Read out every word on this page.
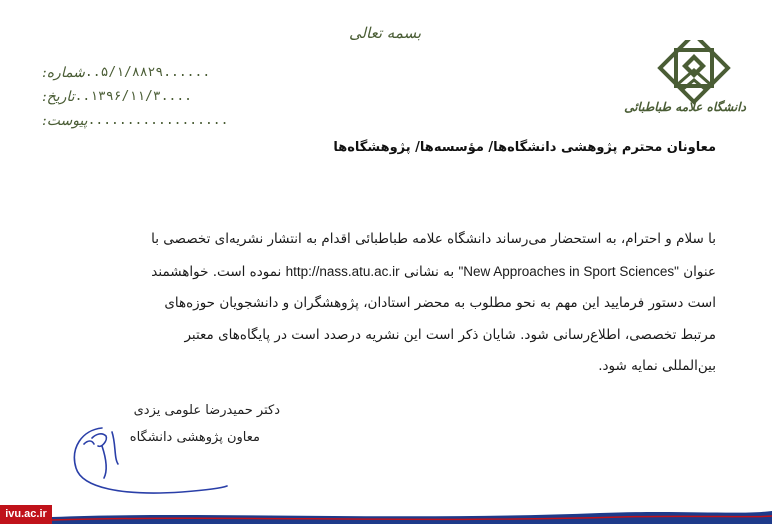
بسمه تعالی
دانشگاه علامه طباطبائی
شماره: ......۵/۱/۸۸۲۹..
تاریخ: ....۱۳۹۶/۱۱/۳..
پیوست: ..................
معاونان محترم پژوهشی دانشگاه‌ها/ مؤسسه‌ها/ پژوهشگاه‌ها
با سلام و احترام، به استحضار می‌رساند دانشگاه علامه طباطبائی اقدام به انتشار نشریه‌ای تخصصی با
عنوان "New Approaches in Sport Sciences" به نشانی http://nass.atu.ac.ir نموده است. خواهشمند
است دستور فرمایید این مهم به نحو مطلوب به محضر استادان، پژوهشگران و دانشجویان حوزه‌های
مرتبط تخصصی، اطلاع‌رسانی شود. شایان ذکر است این نشریه درصدد است در پایگاه‌های معتبر
بین‌المللی نمایه شود.
دکتر حمیدرضا علومی یزدی
معاون پژوهشی دانشگاه
ivu.ac.ir
